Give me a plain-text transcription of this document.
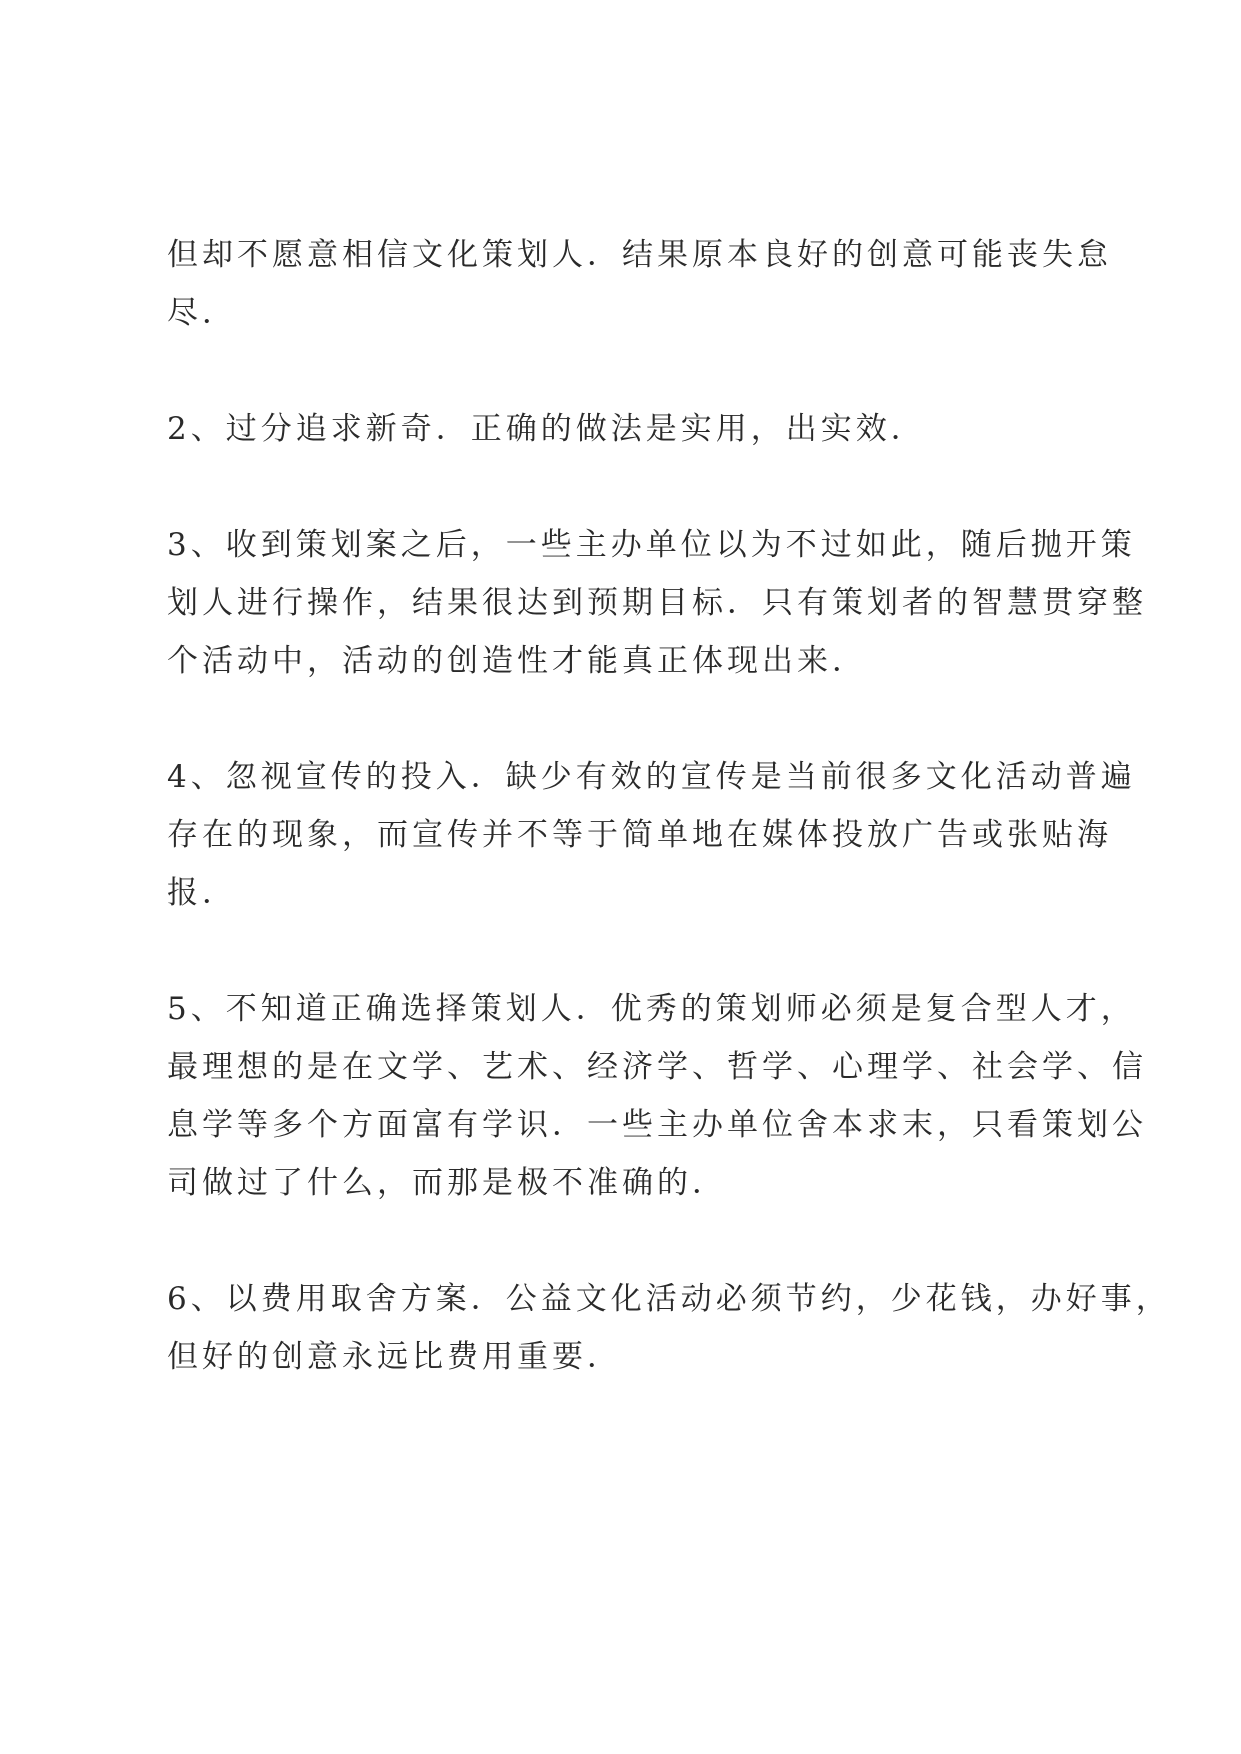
但却不愿意相信文化策划人．结果原本良好的创意可能丧失怠
尽．

2、过分追求新奇．正确的做法是实用，出实效．

3、收到策划案之后，一些主办单位以为不过如此，随后抛开策
划人进行操作，结果很达到预期目标．只有策划者的智慧贯穿整
个活动中，活动的创造性才能真正体现出来．

4、忽视宣传的投入．缺少有效的宣传是当前很多文化活动普遍
存在的现象，而宣传并不等于简单地在媒体投放广告或张贴海
报．

5、不知道正确选择策划人．优秀的策划师必须是复合型人才，
最理想的是在文学、艺术、经济学、哲学、心理学、社会学、信
息学等多个方面富有学识．一些主办单位舍本求末，只看策划公
司做过了什么，而那是极不准确的．

6、以费用取舍方案．公益文化活动必须节约，少花钱，办好事，
但好的创意永远比费用重要．
